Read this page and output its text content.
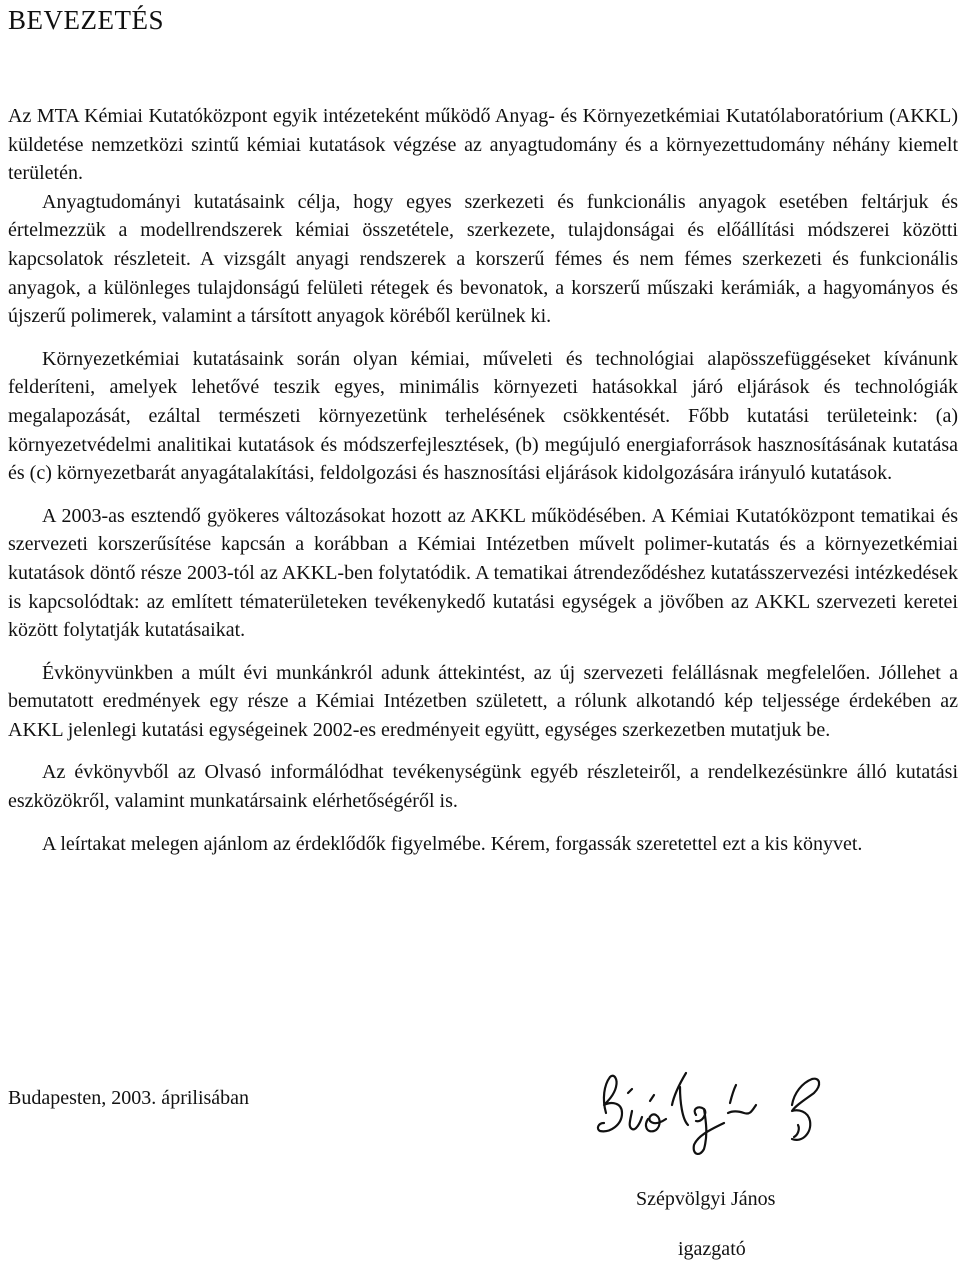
BEVEZETÉS

Az MTA Kémiai Kutatóközpont egyik intézeteként működő Anyag- és Környezetkémiai Kutatólaboratórium (AKKL) küldetése nemzetközi szintű kémiai kutatások végzése az anyagtudomány és a környezettudomány néhány kiemelt területén.

Anyagtudományi kutatásaink célja, hogy egyes szerkezeti és funkcionális anyagok esetében feltárjuk és értelmezzük a modellrendszerek kémiai összetétele, szerkezete, tulajdonságai és előállítási módszerei közötti kapcsolatok részleteit. A vizsgált anyagi rendszerek a korszerű fémes és nem fémes szerkezeti és funkcionális anyagok, a különleges tulajdonságú felületi rétegek és bevonatok, a korszerű műszaki kerámiák, a hagyományos és újszerű polimerek, valamint a társított anyagok köréből kerülnek ki.

Környezetkémiai kutatásaink során olyan kémiai, műveleti és technológiai alapösszefüggéseket kívánunk felderíteni, amelyek lehetővé teszik egyes, minimális környezeti hatásokkal járó eljárások és technológiák megalapozását, ezáltal természeti környezetünk terhelésének csökkentését. Főbb kutatási területeink: (a) környezetvédelmi analitikai kutatások és módszerfejlesztések, (b) megújuló energiaforrások hasznosításának kutatása és (c) környezetbarát anyagátalakítási, feldolgozási és hasznosítási eljárások kidolgozására irányuló kutatások.

A 2003-as esztendő gyökeres változásokat hozott az AKKL működésében. A Kémiai Kutatóközpont tematikai és szervezeti korszerűsítése kapcsán a korábban a Kémiai Intézetben művelt polimer-kutatás és a környezetkémiai kutatások döntő része 2003-tól az AKKL-ben folytatódik. A tematikai átrendeződéshez kutatásszervezési intézkedések is kapcsolódtak: az említett tématerületeken tevékenykedő kutatási egységek a jövőben az AKKL szervezeti keretei között folytatják kutatásaikat.

Évkönyvünkben a múlt évi munkánkról adunk áttekintést, az új szervezeti felállásnak megfelelően. Jóllehet a bemutatott eredmények egy része a Kémiai Intézetben született, a rólunk alkotandó kép teljessége érdekében az AKKL jelenlegi kutatási egységeinek 2002-es eredményeit együtt, egységes szerkezetben mutatjuk be.

Az évkönyvből az Olvasó informálódhat tevékenységünk egyéb részleteiről, a rendelkezésünkre álló kutatási eszközökről, valamint munkatársaink elérhetőségéről is.

A leírtakat melegen ajánlom az érdeklődők figyelmébe. Kérem, forgassák szeretettel ezt a kis könyvet.

Budapesten, 2003. áprilisában
Szépvölgyi János
igazgató
